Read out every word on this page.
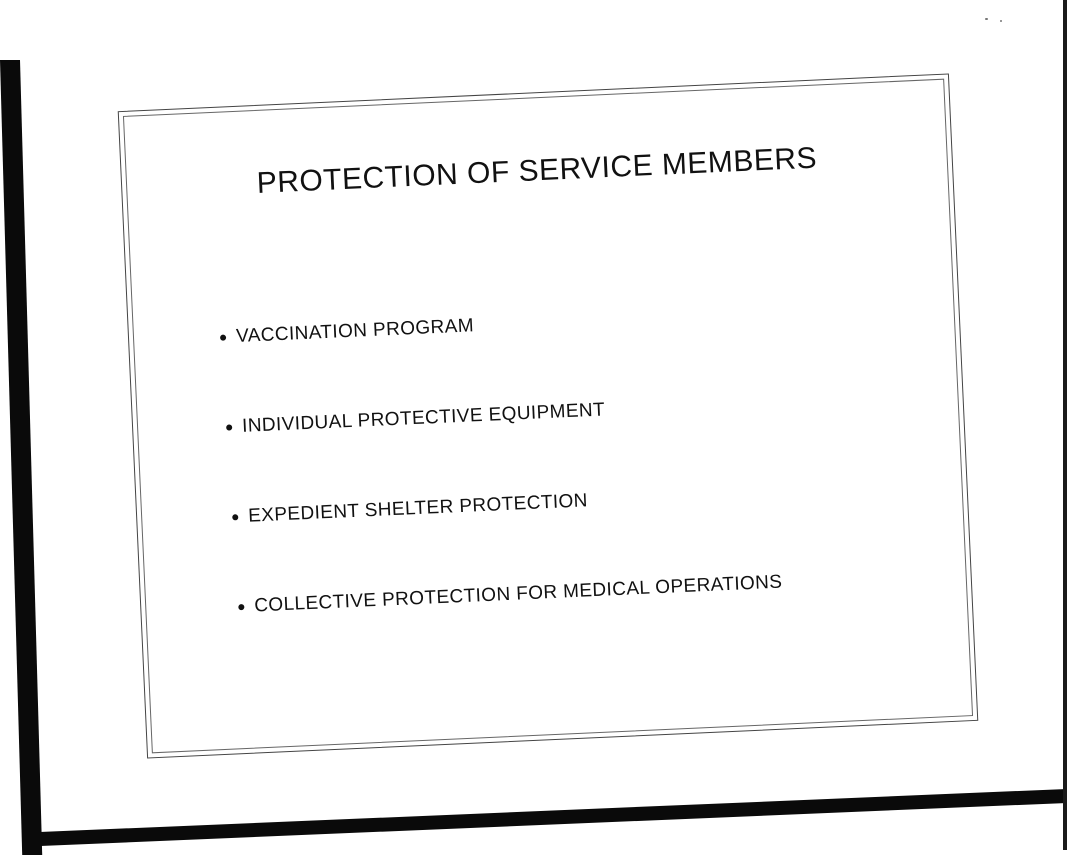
PROTECTION OF SERVICE MEMBERS
VACCINATION PROGRAM
INDIVIDUAL PROTECTIVE EQUIPMENT
EXPEDIENT SHELTER PROTECTION
COLLECTIVE PROTECTION FOR MEDICAL OPERATIONS
